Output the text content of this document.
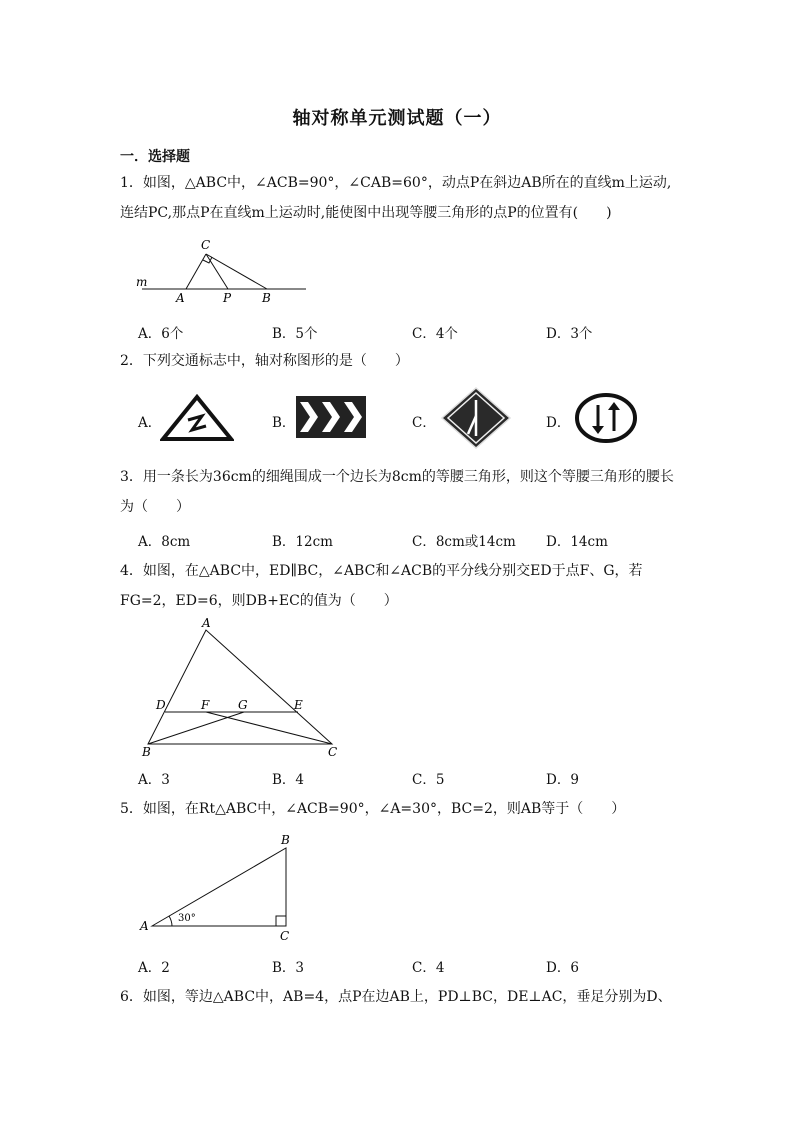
轴对称单元测试题（一）
一．选择题
1．如图，△ABC中，∠ACB=90°，∠CAB=60°，动点P在斜边AB所在的直线m上运动,连结PC,那点P在直线m上运动时,能使图中出现等腰三角形的点P的位置有(　　)
C
m
A	P	B
A．6个	B．5个	C．4个	D．3个
2．下列交通标志中，轴对称图形的是（　　）
A．	B．	C．	D．
3．用一条长为36cm的细绳围成一个边长为8cm的等腰三角形，则这个等腰三角形的腰长为（　　）
A．8cm	B．12cm	C．8cm或14cm D．14cm
4．如图，在△ABC中，ED∥BC，∠ABC和∠ACB的平分线分别交ED于点F、G，若FG=2，ED=6，则DB+EC的值为（　　）
A
D	F G	E
B	C
A．3	B．4	C．5	D．9
5．如图，在Rt△ABC中，∠ACB=90°，∠A=30°，BC=2，则AB等于（　　）
B
A
30°
C
A．2	B．3	C．4	D．6
6．如图，等边△ABC中，AB=4，点P在边AB上，PD⊥BC，DE⊥AC，垂足分别为D、
